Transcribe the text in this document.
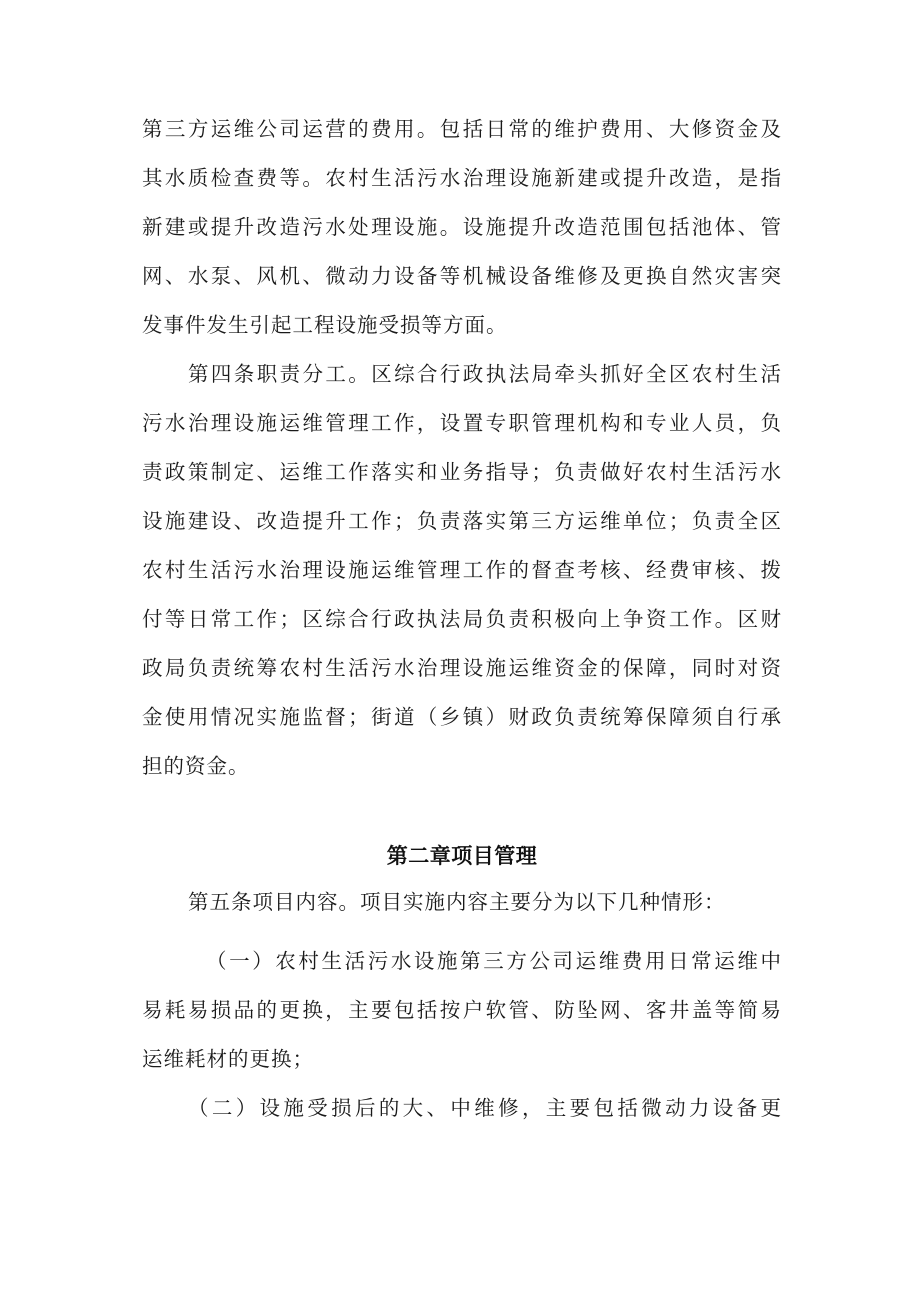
第三方运维公司运营的费用。包括日常的维护费用、大修资金及
其水质检查费等。农村生活污水治理设施新建或提升改造，是指
新建或提升改造污水处理设施。设施提升改造范围包括池体、管
网、水泵、风机、微动力设备等机械设备维修及更换自然灾害突
发事件发生引起工程设施受损等方面。
第四条职责分工。区综合行政执法局牵头抓好全区农村生活
污水治理设施运维管理工作，设置专职管理机构和专业人员，负
责政策制定、运维工作落实和业务指导；负责做好农村生活污水
设施建设、改造提升工作；负责落实第三方运维单位；负责全区
农村生活污水治理设施运维管理工作的督查考核、经费审核、拨
付等日常工作；区综合行政执法局负责积极向上争资工作。区财
政局负责统筹农村生活污水治理设施运维资金的保障，同时对资
金使用情况实施监督；街道（乡镇）财政负责统筹保障须自行承
担的资金。
第二章项目管理
第五条项目内容。项目实施内容主要分为以下几种情形：
（一）农村生活污水设施第三方公司运维费用日常运维中
易耗易损品的更换，主要包括按户软管、防坠网、客井盖等简易
运维耗材的更换；
（二）设施受损后的大、中维修，主要包括微动力设备更
